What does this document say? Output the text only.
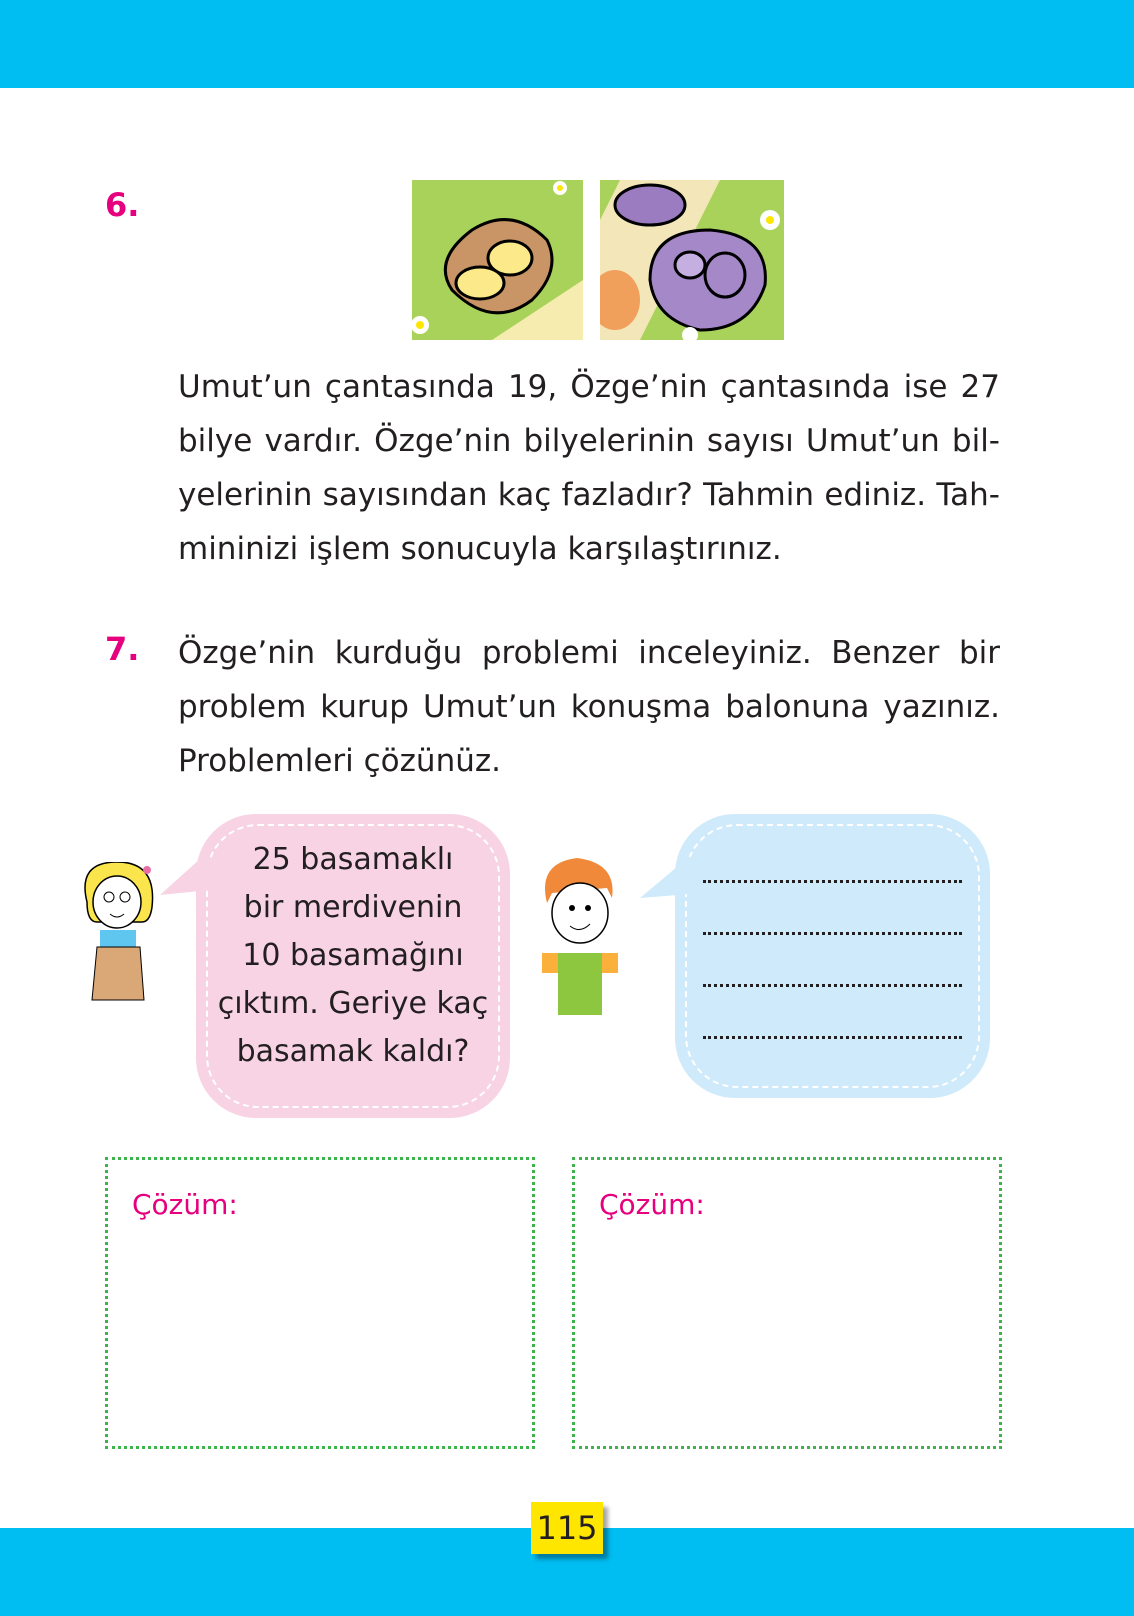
6.
Umut’un çantasında 19, Özge’nin çantasında ise 27
bilye vardır. Özge’nin bilyelerinin sayısı Umut’un bil-
yelerinin sayısından kaç fazladır? Tahmin ediniz. Tah-
mininizi işlem sonucuyla karşılaştırınız.
7. Özge’nin kurduğu problemi inceleyiniz. Benzer bir
problem kurup Umut’un konuşma balonuna yazınız.
Problemleri çözünüz.
25 basamaklı
bir merdivenin
10 basamağını
çıktım. Geriye kaç
basamak kaldı?
Çözüm:	Çözüm:
115
